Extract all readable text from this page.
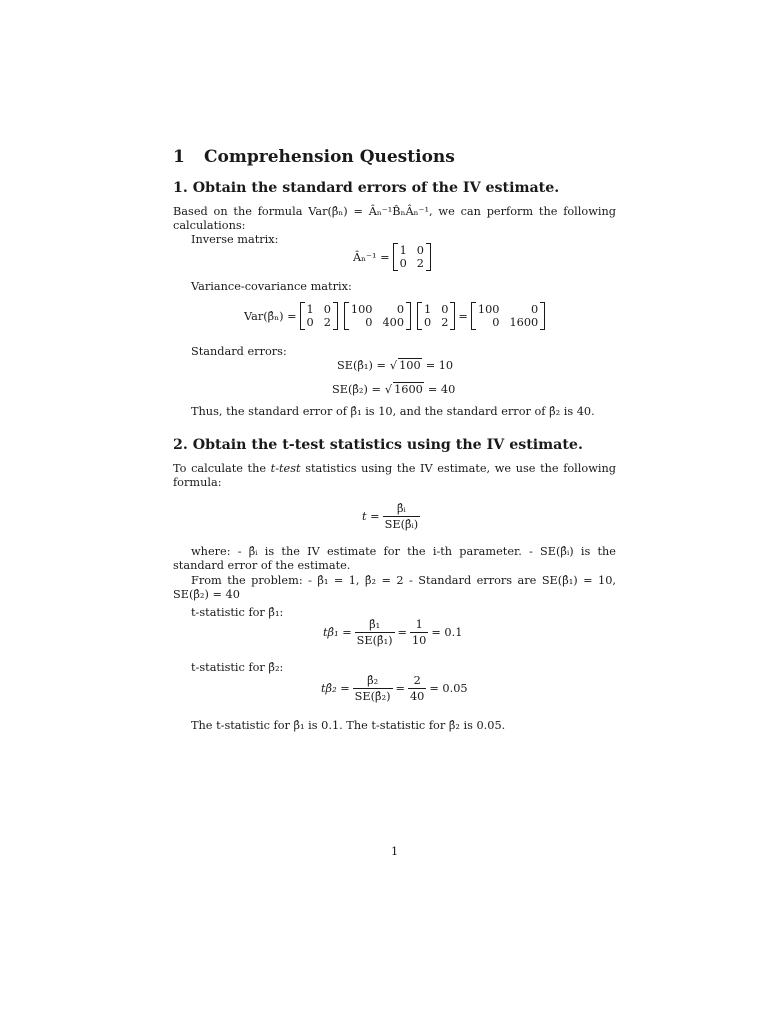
1 Comprehension Questions
1. Obtain the standard errors of the IV estimate.

Based on the formula Var(β̂ₙ) = Âₙ⁻¹B̂ₙÂₙ⁻¹, we can perform the following calculations:

Inverse matrix:

Âₙ⁻¹ = 1 0
0 2

Variance-covariance matrix:

Var(β̂ₙ) = 1 0
0 2
100	0
0 400
1 0
0 2 = 100	0
0 1600

Standard errors:

SE(β̂₁) = √ 100 = 10
SE(β̂₂) = √ 1600 = 40

Thus, the standard error of β̂₁ is 10, and the standard error of β̂₂ is 40.

2. Obtain the t-test statistics using the IV estimate.

To calculate the t-test statistics using the IV estimate, we use the following formula:

$t = \frac{\text{β̂ᵢ}}{\text{SE(β̂ᵢ)}}$

where: - β̂ᵢ is the IV estimate for the i-th parameter. - SE(β̂ᵢ) is the standard error of the estimate.

From the problem: - β̂₁ = 1, β̂₂ = 2 - Standard errors are SE(β̂₁) = 10, SE(β̂₂) = 40

t-statistic for β̂₁:

tβ̂₁ = $\frac{\text{β̂₁}}{\text{SE(β̂₁)}} = \frac{1}{10} = 0.1$

t-statistic for β̂₂:

tβ̂₂ = $\frac{\text{β̂₂}}{\text{SE(β̂₂)}} = \frac{2}{40} = 0.05$

The t-statistic for β̂₁ is 0.1. The t-statistic for β̂₂ is 0.05.

1
